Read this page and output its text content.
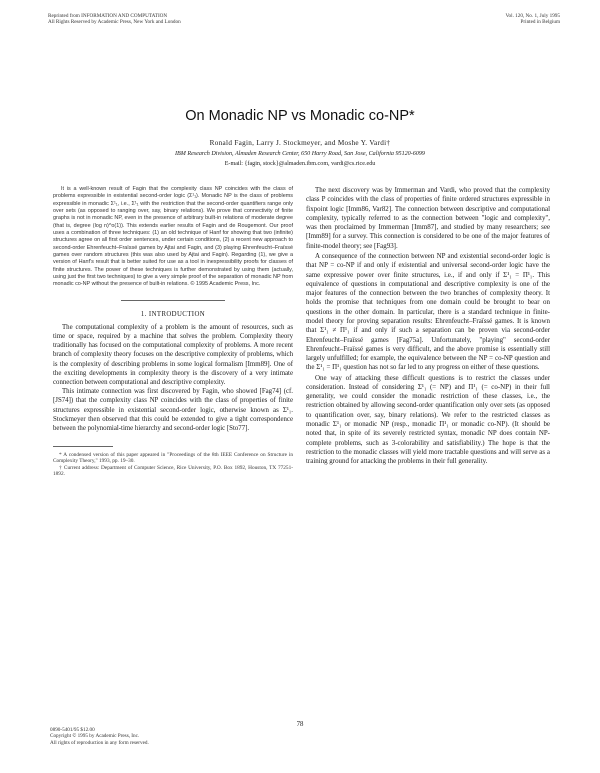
Reprinted from INFORMATION AND COMPUTATION
All Rights Reserved by Academic Press, New York and London
Vol. 120, No. 1, July 1995
Printed in Belgium
On Monadic NP vs Monadic co-NP*
Ronald Fagin, Larry J. Stockmeyer, and Moshe Y. Vardi†
IBM Research Division, Almaden Research Center, 650 Harry Road, San Jose, California 95120-6099
E-mail: {fagin, stock}@almaden.ibm.com, vardi@cs.rice.edu

It is a well-known result of Fagin that the complexity class NP coincides with the class of problems expressible in existential second-order logic (Σ¹₁). Monadic NP is the class of problems expressible in monadic Σ¹₁, i.e., Σ¹₁ with the restriction that the second-order quantifiers range only over sets (as opposed to ranging over, say, binary relations). We prove that connectivity of finite graphs is not in monadic NP, even in the presence of arbitrary built-in relations of moderate degree (that is, degree (log n)^o(1)). This extends earlier results of Fagin and de Rougemont. Our proof uses a combination of three techniques: (1) an old technique of Hanf for showing that two (infinite) structures agree on all first order sentences, under certain conditions, (2) a recent new approach to second-order Ehrenfeucht–Fraïssé games by Ajtai and Fagin, and (3) playing Ehrenfeucht–Fraïssé games over random structures (this was also used by Ajtai and Fagin). Regarding (1), we give a version of Hanf's result that is better suited for use as a tool in inexpressibility proofs for classes of finite structures. The power of these techniques is further demonstrated by using them (actually, using just the first two techniques) to give a very simple proof of the separation of monadic NP from monadic co-NP without the presence of built-in relations. © 1995 Academic Press, Inc.

1. INTRODUCTION

The computational complexity of a problem is the amount of resources, such as time or space, required by a machine that solves the problem. Complexity theory traditionally has focused on the computational complexity of problems. A more recent branch of complexity theory focuses on the descriptive complexity of problems, which is the complexity of describing problems in some logical formalism [Imm89]. One of the exciting developments in complexity theory is the discovery of a very intimate connection between computational and descriptive complexity.

This intimate connection was first discovered by Fagin, who showed [Fag74] (cf. [JS74]) that the complexity class NP coincides with the class of properties of finite structures expressible in existential second-order logic, otherwise known as Σ¹₁. Stockmeyer then observed that this could be extended to give a tight correspondence between the polynomial-time hierarchy and second-order logic [Sto77].

* A condensed version of this paper appeared in "Proceedings of the 8th IEEE Conference on Structure in Complexity Theory," 1993, pp. 19–30.

† Current address: Department of Computer Science, Rice University, P.O. Box 1892, Houston, TX 77251-1892.

The next discovery was by Immerman and Vardi, who proved that the complexity class P coincides with the class of properties of finite ordered structures expressible in fixpoint logic [Imm86, Var82]. The connection between descriptive and computational complexity, typically referred to as the connection between "logic and complexity", was then proclaimed by Immerman [Imm87], and studied by many researchers; see [Imm89] for a survey. This connection is considered to be one of the major features of finite-model theory; see [Fag93].

A consequence of the connection between NP and existential second-order logic is that NP = co-NP if and only if existential and universal second-order logic have the same expressive power over finite structures, i.e., if and only if Σ¹₁ = Π¹₁. This equivalence of questions in computational and descriptive complexity is one of the major features of the connection between the two branches of complexity theory. It holds the promise that techniques from one domain could be brought to bear on questions in the other domain. In particular, there is a standard technique in finite-model theory for proving separation results: Ehrenfeucht–Fraïssé games. It is known that Σ¹₁ ≠ Π¹₁ if and only if such a separation can be proven via second-order Ehrenfeucht–Fraïssé games [Fag75a]. Unfortunately, "playing" second-order Ehrenfeucht–Fraïssé games is very difficult, and the above promise is essentially still largely unfulfilled; for example, the equivalence between the NP = co-NP question and the Σ¹₁ = Π¹₁ question has not so far led to any progress on either of these questions.

One way of attacking these difficult questions is to restrict the classes under consideration. Instead of considering Σ¹₁ (= NP) and Π¹₁ (= co-NP) in their full generality, we could consider the monadic restriction of these classes, i.e., the restriction obtained by allowing second-order quantification only over sets (as opposed to quantification over, say, binary relations). We refer to the restricted classes as monadic Σ¹₁ or monadic NP (resp., monadic Π¹₁ or monadic co-NP). (It should be noted that, in spite of its severely restricted syntax, monadic NP does contain NP-complete problems, such as 3-colorability and satisfiability.) The hope is that the restriction to the monadic classes will yield more tractable questions and will serve as a training ground for attacking the problems in their full generality.

78
0890-5401/95 $12.00
Copyright © 1995 by Academic Press, Inc.
All rights of reproduction in any form reserved.
